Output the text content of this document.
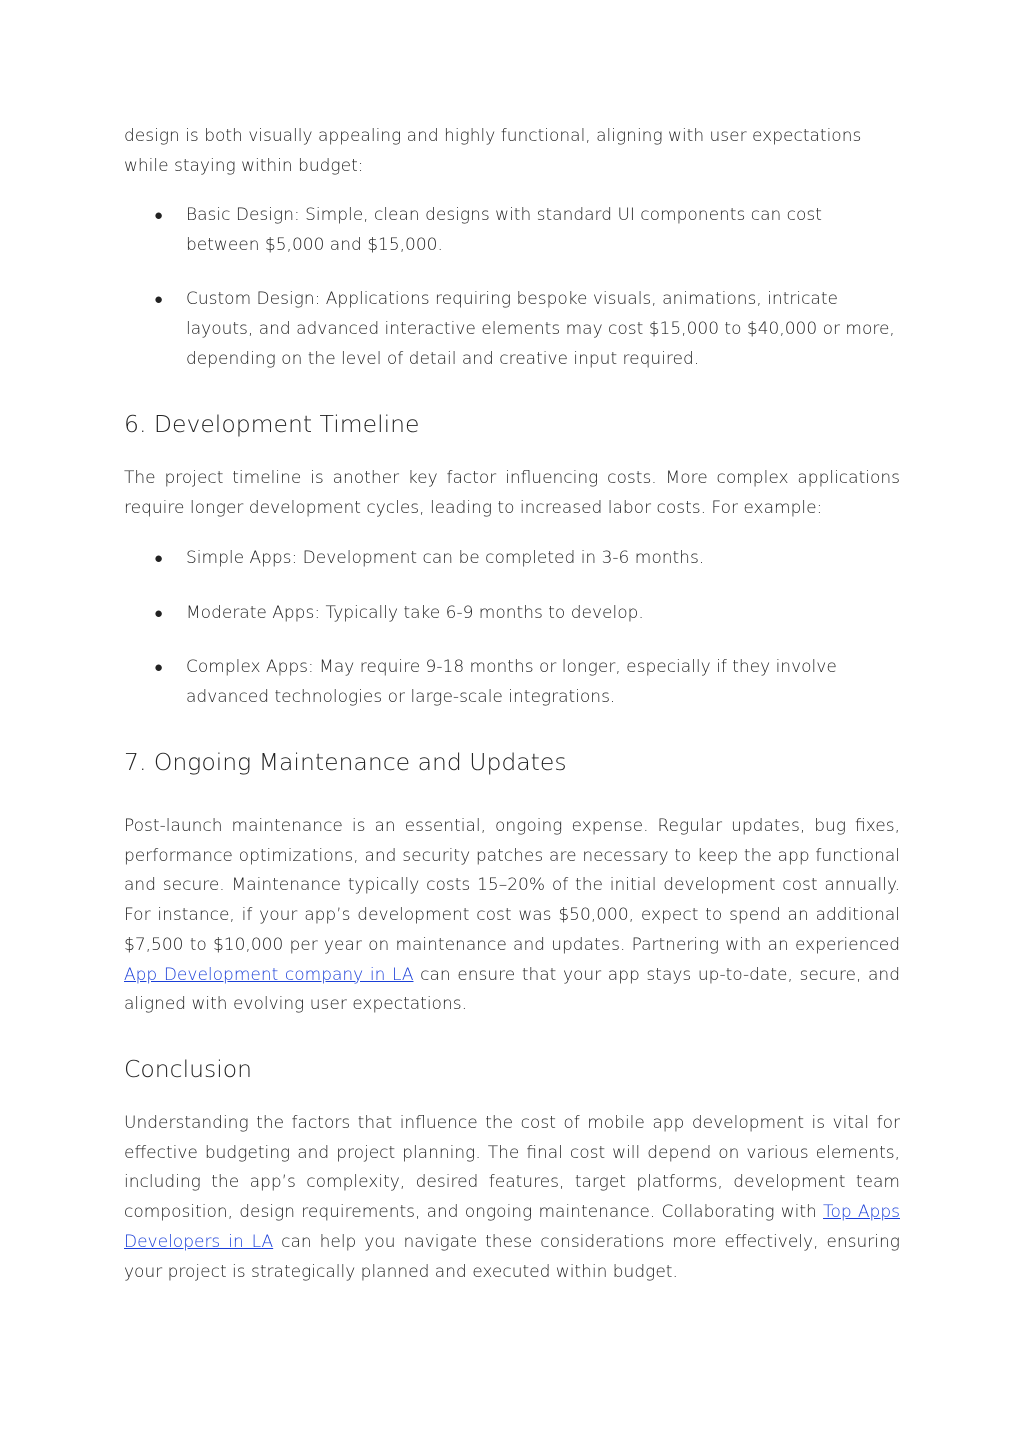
design is both visually appealing and highly functional, aligning with user expectations while staying within budget:

● Basic Design: Simple, clean designs with standard UI components can cost between $5,000 and $15,000.
● Custom Design: Applications requiring bespoke visuals, animations, intricate layouts, and advanced interactive elements may cost $15,000 to $40,000 or more, depending on the level of detail and creative input required.
6. Development Timeline

The project timeline is another key factor influencing costs. More complex applications require longer development cycles, leading to increased labor costs. For example:

● Simple Apps: Development can be completed in 3-6 months.
● Moderate Apps: Typically take 6-9 months to develop.
● Complex Apps: May require 9-18 months or longer, especially if they involve advanced technologies or large-scale integrations.
7. Ongoing Maintenance and Updates

Post-launch maintenance is an essential, ongoing expense. Regular updates, bug fixes, performance optimizations, and security patches are necessary to keep the app functional and secure. Maintenance typically costs 15–20% of the initial development cost annually. For instance, if your app’s development cost was $50,000, expect to spend an additional $7,500 to $10,000 per year on maintenance and updates. Partnering with an experienced App Development company in LA can ensure that your app stays up-to-date, secure, and aligned with evolving user expectations.

Conclusion

Understanding the factors that influence the cost of mobile app development is vital for effective budgeting and project planning. The final cost will depend on various elements, including the app’s complexity, desired features, target platforms, development team composition, design requirements, and ongoing maintenance. Collaborating with Top Apps Developers in LA can help you navigate these considerations more effectively, ensuring your project is strategically planned and executed within budget.
